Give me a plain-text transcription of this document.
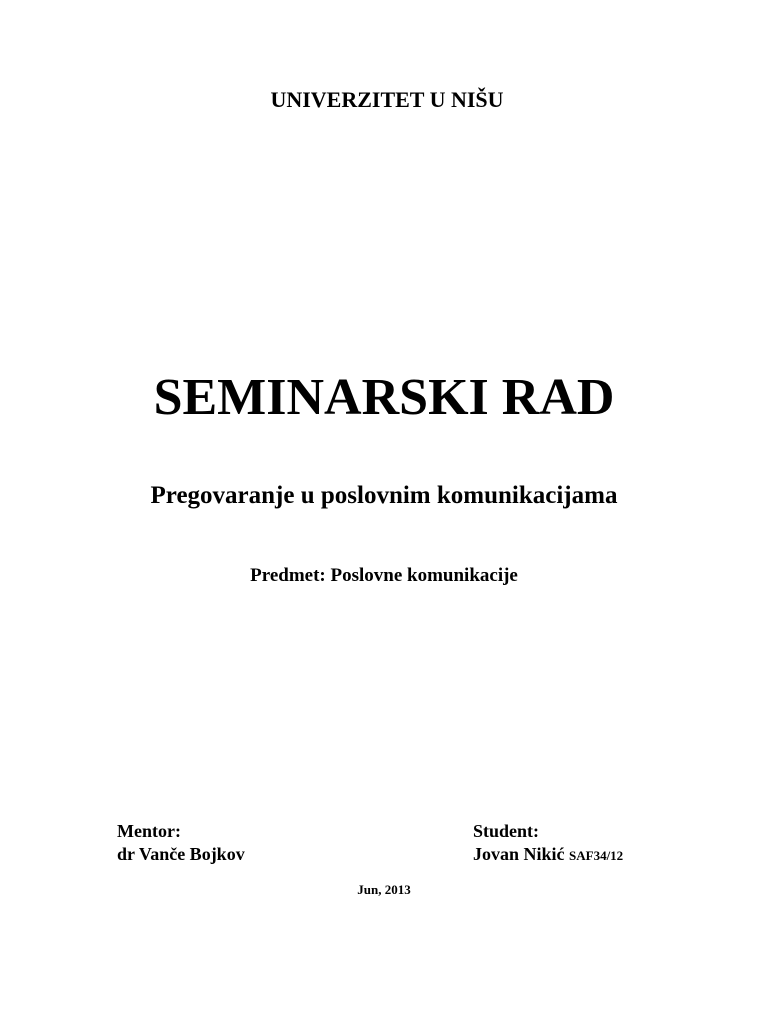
UNIVERZITET U NIŠU
SEMINARSKI RAD
Pregovaranje u poslovnim komunikacijama
Predmet: Poslovne komunikacije
Mentor:
dr Vanče Bojkov
Student:
Jovan Nikić SAF34/12
Jun, 2013
